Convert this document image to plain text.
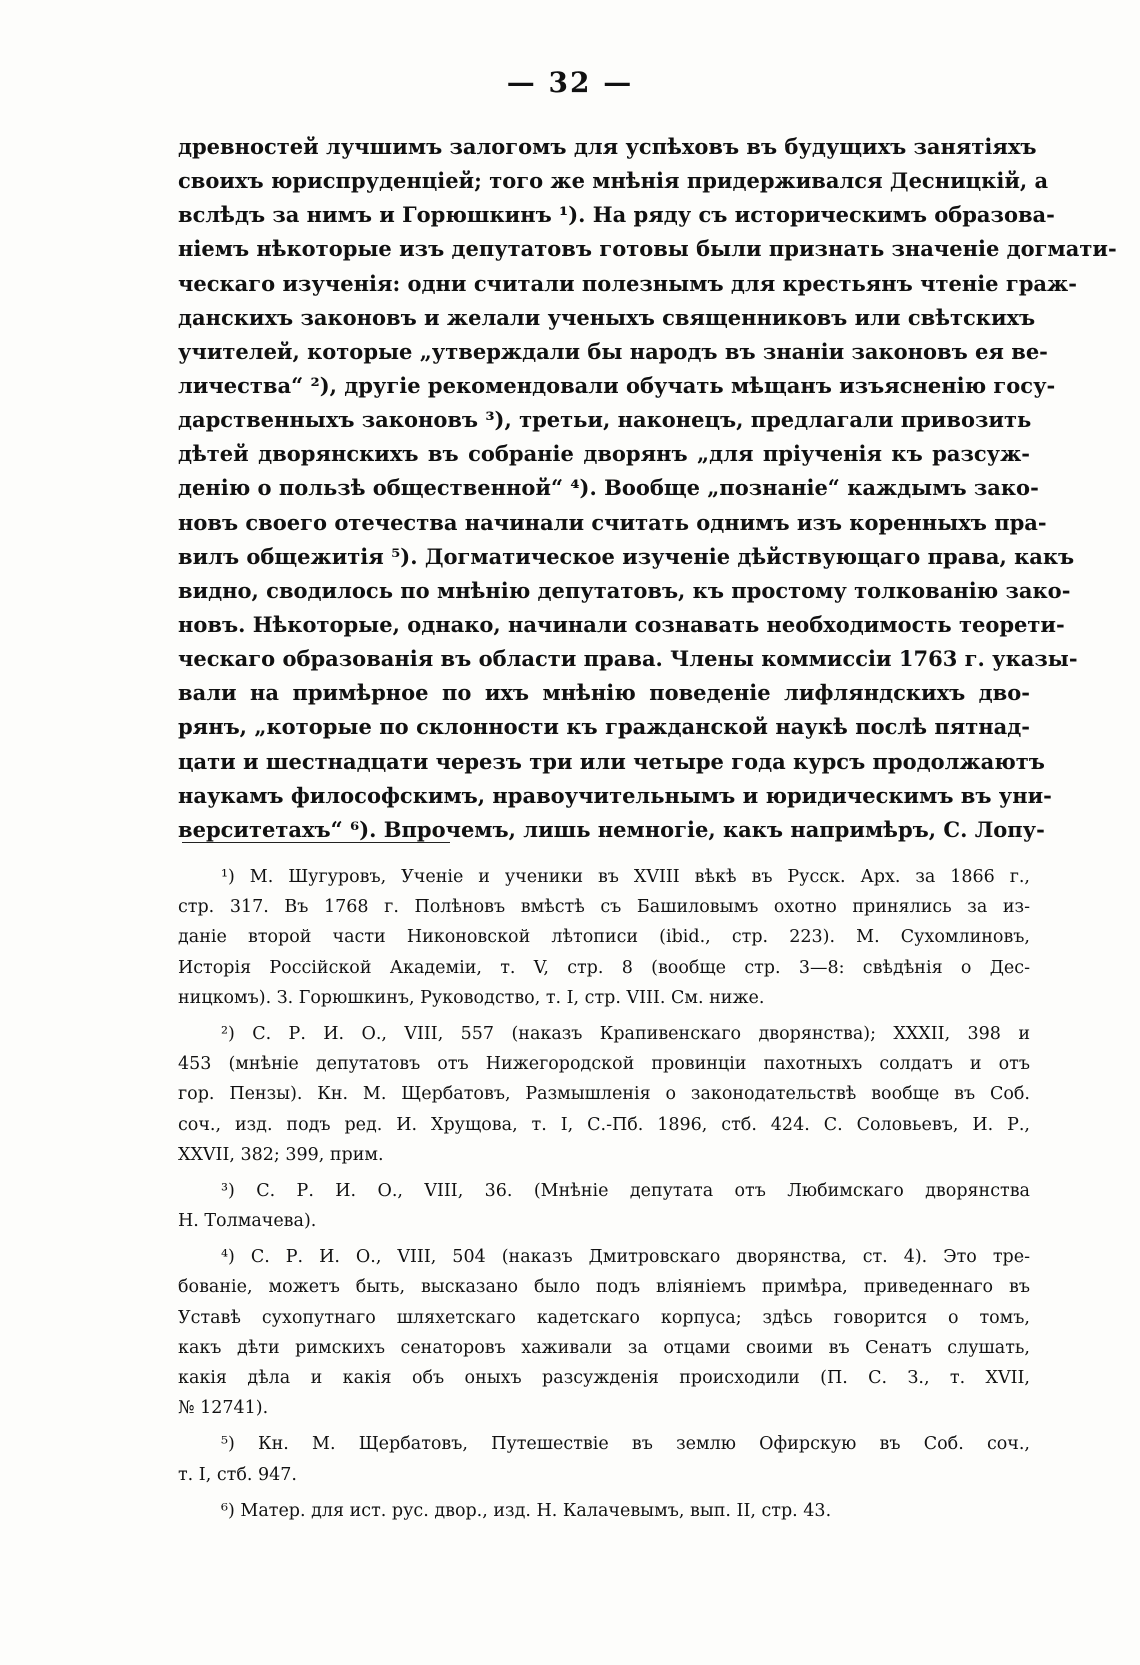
— 32 —
древностей лучшимъ залогомъ для успѣховъ въ будущихъ занятіяхъ
своихъ юриспруденціей; того же мнѣнія придерживался Десницкій, а
вслѣдъ за нимъ и Горюшкинъ ¹). На ряду съ историческимъ образова-
ніемъ нѣкоторые изъ депутатовъ готовы были признать значеніе догмати-
ческаго изученія: одни считали полезнымъ для крестьянъ чтеніе граж-
данскихъ законовъ и желали ученыхъ священниковъ или свѣтскихъ
учителей, которые „утверждали бы народъ въ знаніи законовъ ея ве-
личества“ ²), другіе рекомендовали обучать мѣщанъ изъясненію госу-
дарственныхъ законовъ ³), третьи, наконецъ, предлагали привозить
дѣтей дворянскихъ въ собраніе дворянъ „для пріученія къ разсуж-
денію о пользѣ общественной“ ⁴). Вообще „познаніе“ каждымъ зако-
новъ своего отечества начинали считать однимъ изъ коренныхъ пра-
вилъ общежитія ⁵). Догматическое изученіе дѣйствующаго права, какъ
видно, сводилось по мнѣнію депутатовъ, къ простому толкованію зако-
новъ. Нѣкоторые, однако, начинали сознавать необходимость теорети-
ческаго образованія въ области права. Члены коммиссіи 1763 г. указы-
вали на примѣрное по ихъ мнѣнію поведеніе лифляндскихъ дво-
рянъ, „которые по склонности къ гражданской наукѣ послѣ пятнад-
цати и шестнадцати черезъ три или четыре года курсъ продолжаютъ
наукамъ философскимъ, нравоучительнымъ и юридическимъ въ уни-
верситетахъ“ ⁶). Впрочемъ, лишь немногіе, какъ напримѣръ, С. Лопу-
¹) М. Шугуровъ, Ученіе и ученики въ XVIII вѣкѣ въ Русск. Арх. за 1866 г.,
стр. 317. Въ 1768 г. Полѣновъ вмѣстѣ съ Башиловымъ охотно принялись за из-
даніе второй части Никоновской лѣтописи (ibid., стр. 223). М. Сухомлиновъ,
Исторія Россійской Академіи, т. V, стр. 8 (вообще стр. 3—8: свѣдѣнія о Дес-
ницкомъ). З. Горюшкинъ, Руководство, т. I, стр. VIII. См. ниже.
²) С. Р. И. О., VIII, 557 (наказъ Крапивенскаго дворянства); XXXII, 398 и
453 (мнѣніе депутатовъ отъ Нижегородской провинціи пахотныхъ солдатъ и отъ
гор. Пензы). Кн. М. Щербатовъ, Размышленія о законодательствѣ вообще въ Соб.
соч., изд. подъ ред. И. Хрущова, т. I, С.-Пб. 1896, стб. 424. С. Соловьевъ, И. Р.,
XXVII, 382; 399, прим.
³) С. Р. И. О., VIII, 36. (Мнѣніе депутата отъ Любимскаго дворянства
Н. Толмачева).
⁴) С. Р. И. О., VIII, 504 (наказъ Дмитровскаго дворянства, ст. 4). Это тре-
бованіе, можетъ быть, высказано было подъ вліяніемъ примѣра, приведеннаго въ
Уставѣ сухопутнаго шляхетскаго кадетскаго корпуса; здѣсь говорится о томъ,
какъ дѣти римскихъ сенаторовъ хаживали за отцами своими въ Сенатъ слушать,
какія дѣла и какія объ оныхъ разсужденія происходили (П. С. З., т. XVII,
№ 12741).
⁵) Кн. М. Щербатовъ, Путешествіе въ землю Офирскую въ Соб. соч.,
т. I, стб. 947.
⁶) Матер. для ист. рус. двор., изд. Н. Калачевымъ, вып. II, стр. 43.
